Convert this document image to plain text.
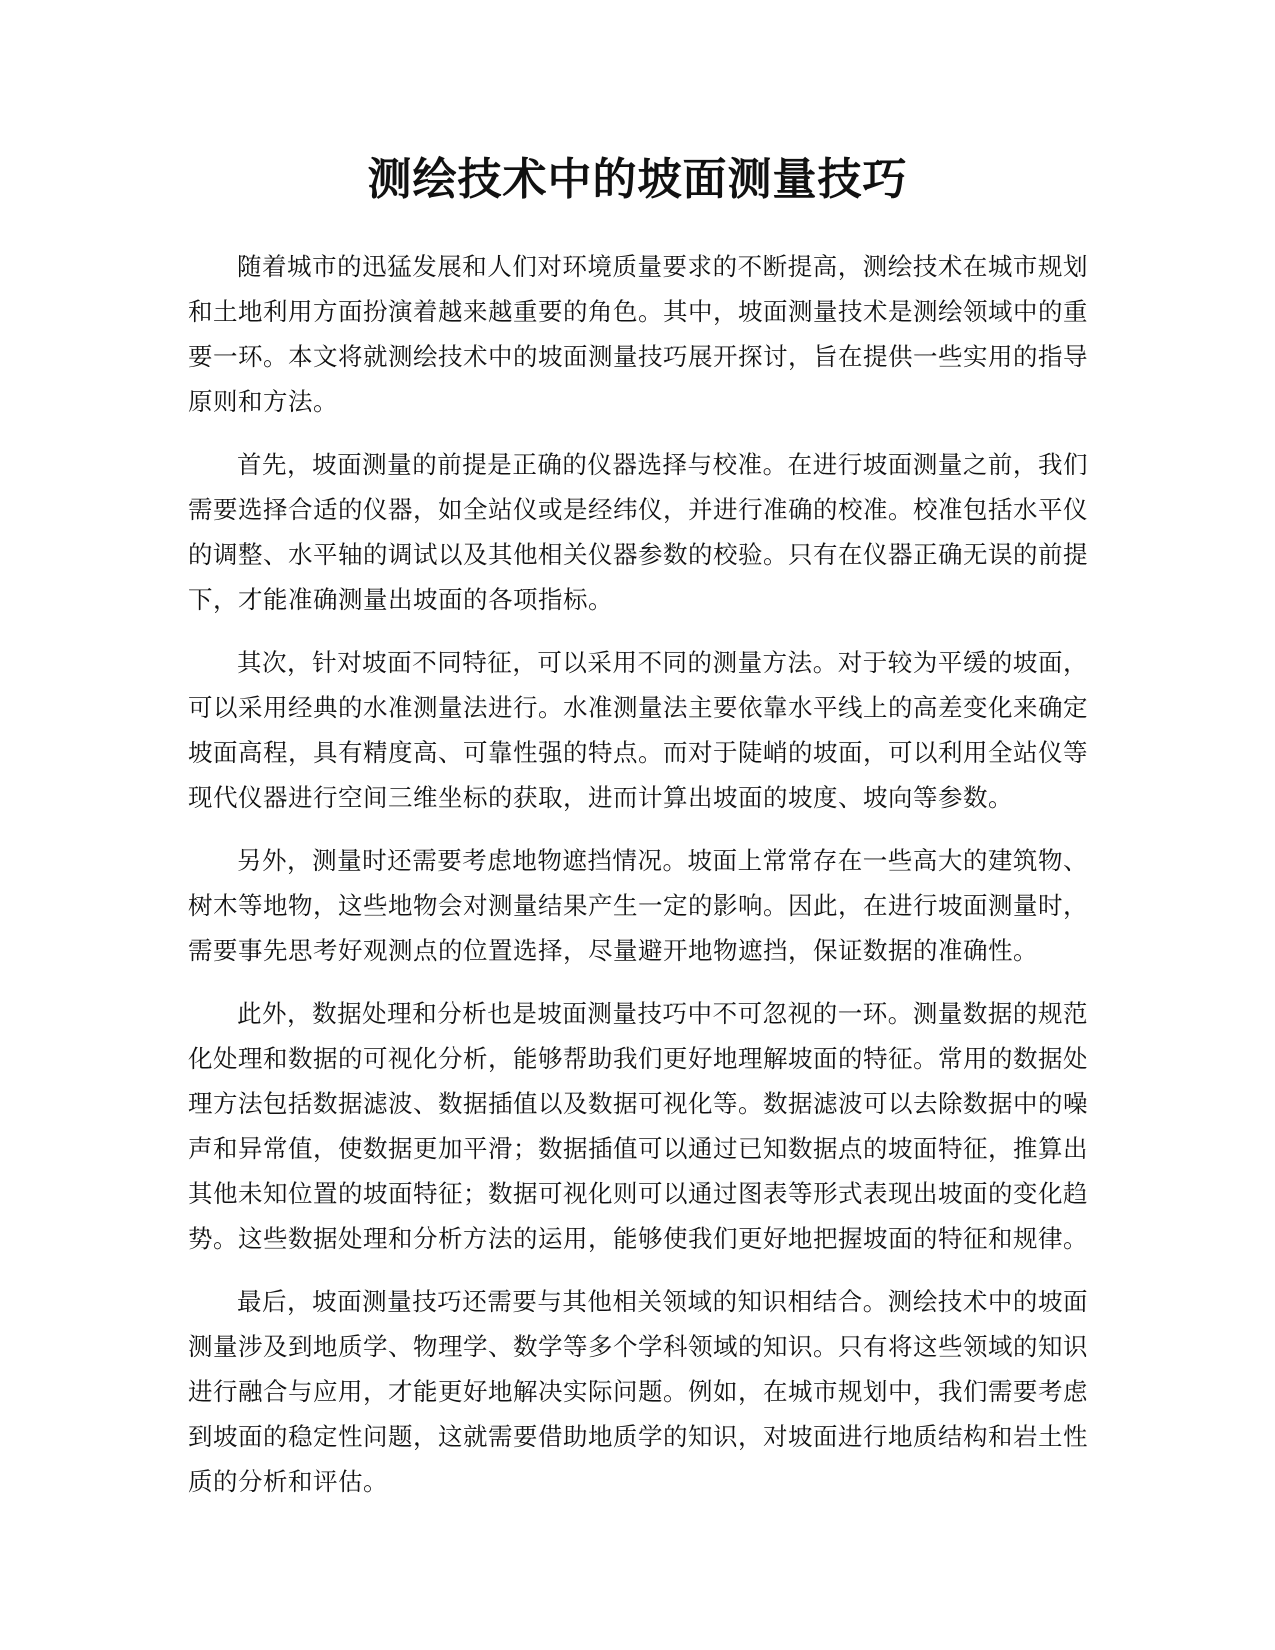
测绘技术中的坡面测量技巧

随着城市的迅猛发展和人们对环境质量要求的不断提高，测绘技术在城市规划和土地利用方面扮演着越来越重要的角色。其中，坡面测量技术是测绘领域中的重要一环。本文将就测绘技术中的坡面测量技巧展开探讨，旨在提供一些实用的指导原则和方法。

首先，坡面测量的前提是正确的仪器选择与校准。在进行坡面测量之前，我们需要选择合适的仪器，如全站仪或是经纬仪，并进行准确的校准。校准包括水平仪的调整、水平轴的调试以及其他相关仪器参数的校验。只有在仪器正确无误的前提下，才能准确测量出坡面的各项指标。

其次，针对坡面不同特征，可以采用不同的测量方法。对于较为平缓的坡面，可以采用经典的水准测量法进行。水准测量法主要依靠水平线上的高差变化来确定坡面高程，具有精度高、可靠性强的特点。而对于陡峭的坡面，可以利用全站仪等现代仪器进行空间三维坐标的获取，进而计算出坡面的坡度、坡向等参数。

另外，测量时还需要考虑地物遮挡情况。坡面上常常存在一些高大的建筑物、树木等地物，这些地物会对测量结果产生一定的影响。因此，在进行坡面测量时，需要事先思考好观测点的位置选择，尽量避开地物遮挡，保证数据的准确性。

此外，数据处理和分析也是坡面测量技巧中不可忽视的一环。测量数据的规范化处理和数据的可视化分析，能够帮助我们更好地理解坡面的特征。常用的数据处理方法包括数据滤波、数据插值以及数据可视化等。数据滤波可以去除数据中的噪声和异常值，使数据更加平滑；数据插值可以通过已知数据点的坡面特征，推算出其他未知位置的坡面特征；数据可视化则可以通过图表等形式表现出坡面的变化趋势。这些数据处理和分析方法的运用，能够使我们更好地把握坡面的特征和规律。

最后，坡面测量技巧还需要与其他相关领域的知识相结合。测绘技术中的坡面测量涉及到地质学、物理学、数学等多个学科领域的知识。只有将这些领域的知识进行融合与应用，才能更好地解决实际问题。例如，在城市规划中，我们需要考虑到坡面的稳定性问题，这就需要借助地质学的知识，对坡面进行地质结构和岩土性质的分析和评估。
